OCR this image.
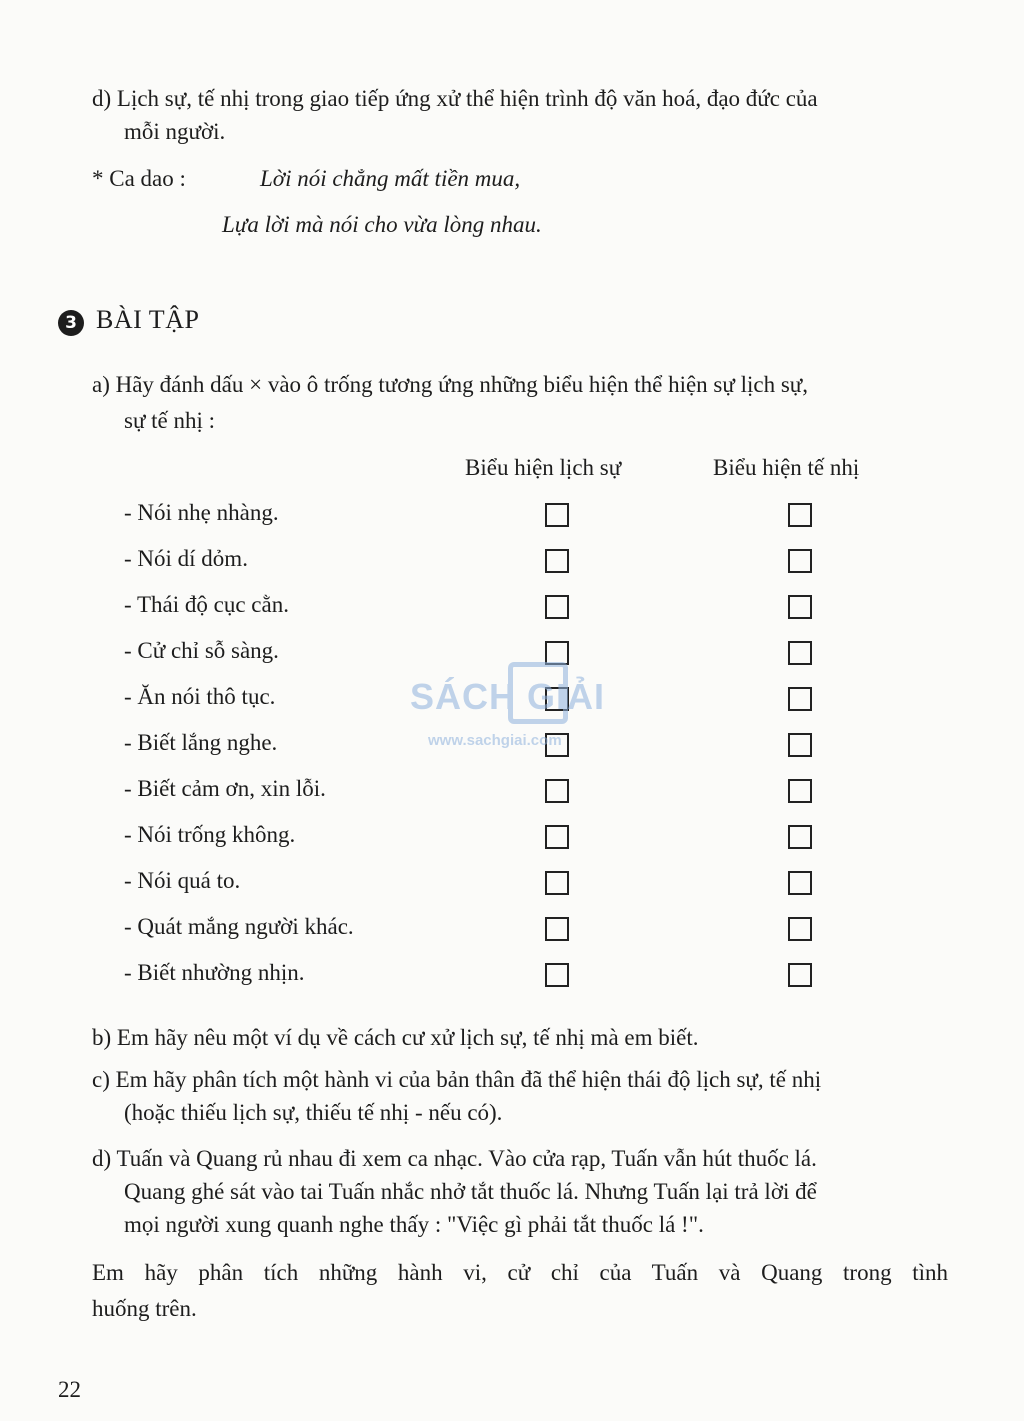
d) Lịch sự, tế nhị trong giao tiếp ứng xử thể hiện trình độ văn hoá, đạo đức của
mỗi người.
* Ca dao :	Lời nói chẳng mất tiền mua,
Lựa lời mà nói cho vừa lòng nhau.
3 BÀI TẬP
a) Hãy đánh dấu × vào ô trống tương ứng những biểu hiện thể hiện sự lịch sự,
sự tế nhị :
Biểu hiện lịch sự	Biểu hiện tế nhị
- Nói nhẹ nhàng.
- Nói dí dỏm.
- Thái độ cục cằn.
- Cử chỉ sỗ sàng.
- Ăn nói thô tục.
- Biết lắng nghe.
- Biết cảm ơn, xin lỗi.
- Nói trống không.
- Nói quá to.
- Quát mắng người khác.
- Biết nhường nhịn.
SÁCH GIẢI
www.sachgiai.com
b) Em hãy nêu một ví dụ về cách cư xử lịch sự, tế nhị mà em biết.
c) Em hãy phân tích một hành vi của bản thân đã thể hiện thái độ lịch sự, tế nhị
(hoặc thiếu lịch sự, thiếu tế nhị - nếu có).
d) Tuấn và Quang rủ nhau đi xem ca nhạc. Vào cửa rạp, Tuấn vẫn hút thuốc lá.
Quang ghé sát vào tai Tuấn nhắc nhở tắt thuốc lá. Nhưng Tuấn lại trả lời để
mọi người xung quanh nghe thấy : "Việc gì phải tắt thuốc lá !".
Em hãy phân tích những hành vi, cử chỉ của Tuấn và Quang trong tình
huống trên.
22
